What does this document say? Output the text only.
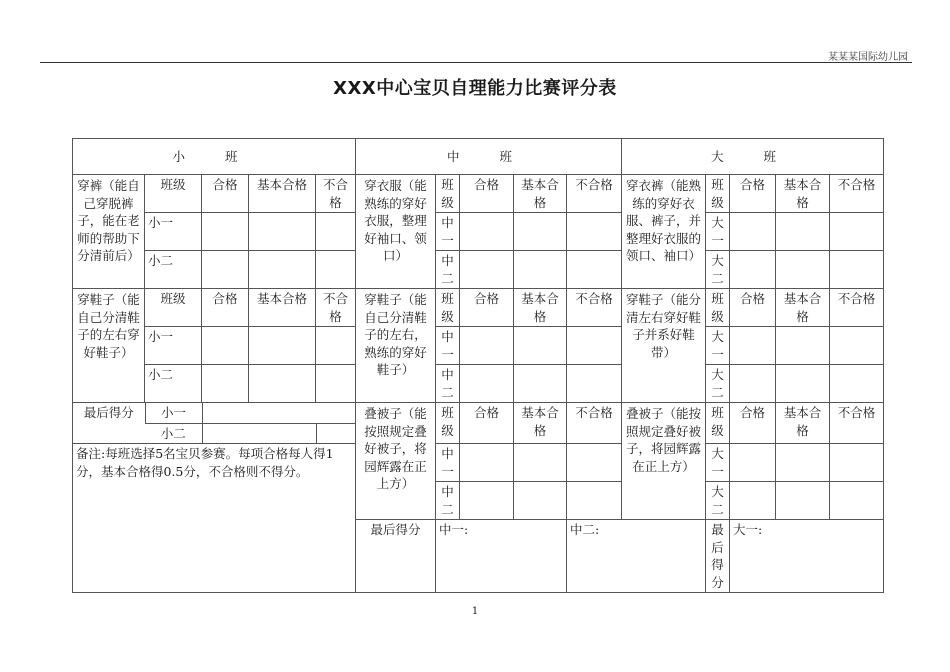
某某某国际幼儿园
XXX中心宝贝自理能力比赛评分表
小 班	中 班	大 班
穿裤（能自己穿脱裤子，能在老师的帮助下分清前后）	班级	合格	基本合格	不合格	穿衣服（能熟练的穿好衣服，整理好袖口、领口）	班级	合格	基本合格	不合格	穿衣裤（能熟练的穿好衣服、裤子，并整理好衣服的领口、袖口）	班级	合格	基本合格	不合格
小一				中一				大一			
小二				中二				大二			
穿鞋子（能自己分清鞋子的左右穿好鞋子）	班级	合格	基本合格	不合格	穿鞋子（能自己分清鞋子的左右，熟练的穿好鞋子）	班级	合格	基本合格	不合格	穿鞋子（能分清左右穿好鞋子并系好鞋带）	班级	合格	基本合格	不合格
小一				中一				大一			
小二				中二				大二			

最后得分	小一		
小二		
	叠被子（能按照规定叠好被子，将园辉露在正上方）	班级	合格	基本合格	不合格	叠被子（能按照规定叠好被子，将园辉露在正上方）	班级	合格	基本合格	不合格
备注:每班选择5名宝贝参赛。每项合格每人得1分，基本合格得0.5分，不合格则不得分。	中一				大一			
中二				大二			
最后得分	中一:	中二:	最后得分	大一:	
1
